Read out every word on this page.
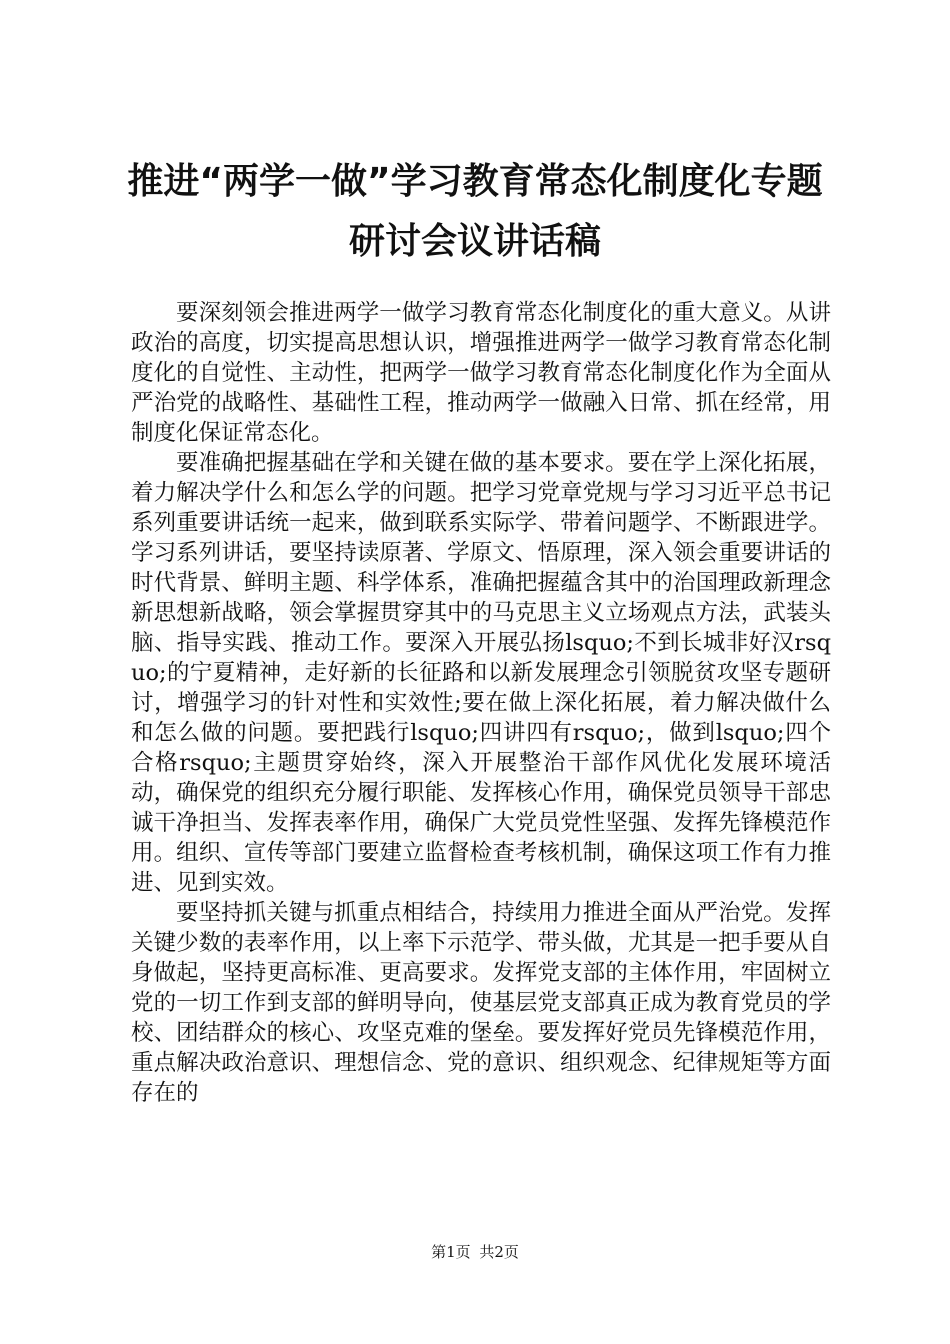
推进“两学一做”学习教育常态化制度化专题
研讨会议讲话稿

要深刻领会推进两学一做学习教育常态化制度化的重大意义。从讲政治的高度，切实提高思想认识，增强推进两学一做学习教育常态化制度化的自觉性、主动性，把两学一做学习教育常态化制度化作为全面从严治党的战略性、基础性工程，推动两学一做融入日常、抓在经常，用制度化保证常态化。

要准确把握基础在学和关键在做的基本要求。要在学上深化拓展，着力解决学什么和怎么学的问题。把学习党章党规与学习习近平总书记系列重要讲话统一起来，做到联系实际学、带着问题学、不断跟进学。学习系列讲话，要坚持读原著、学原文、悟原理，深入领会重要讲话的时代背景、鲜明主题、科学体系，准确把握蕴含其中的治国理政新理念新思想新战略，领会掌握贯穿其中的马克思主义立场观点方法，武装头脑、指导实践、推动工作。要深入开展弘扬lsquo;不到长城非好汉rsquo;的宁夏精神，走好新的长征路和以新发展理念引领脱贫攻坚专题研讨，增强学习的针对性和实效性;要在做上深化拓展，着力解决做什么和怎么做的问题。要把践行lsquo;四讲四有rsquo;，做到lsquo;四个合格rsquo;主题贯穿始终，深入开展整治干部作风优化发展环境活动，确保党的组织充分履行职能、发挥核心作用，确保党员领导干部忠诚干净担当、发挥表率作用，确保广大党员党性坚强、发挥先锋模范作用。组织、宣传等部门要建立监督检查考核机制，确保这项工作有力推进、见到实效。

要坚持抓关键与抓重点相结合，持续用力推进全面从严治党。发挥关键少数的表率作用，以上率下示范学、带头做，尤其是一把手要从自身做起，坚持更高标准、更高要求。发挥党支部的主体作用，牢固树立党的一切工作到支部的鲜明导向，使基层党支部真正成为教育党员的学校、团结群众的核心、攻坚克难的堡垒。要发挥好党员先锋模范作用，重点解决政治意识、理想信念、党的意识、组织观念、纪律规矩等方面存在的

第1页 共2页
